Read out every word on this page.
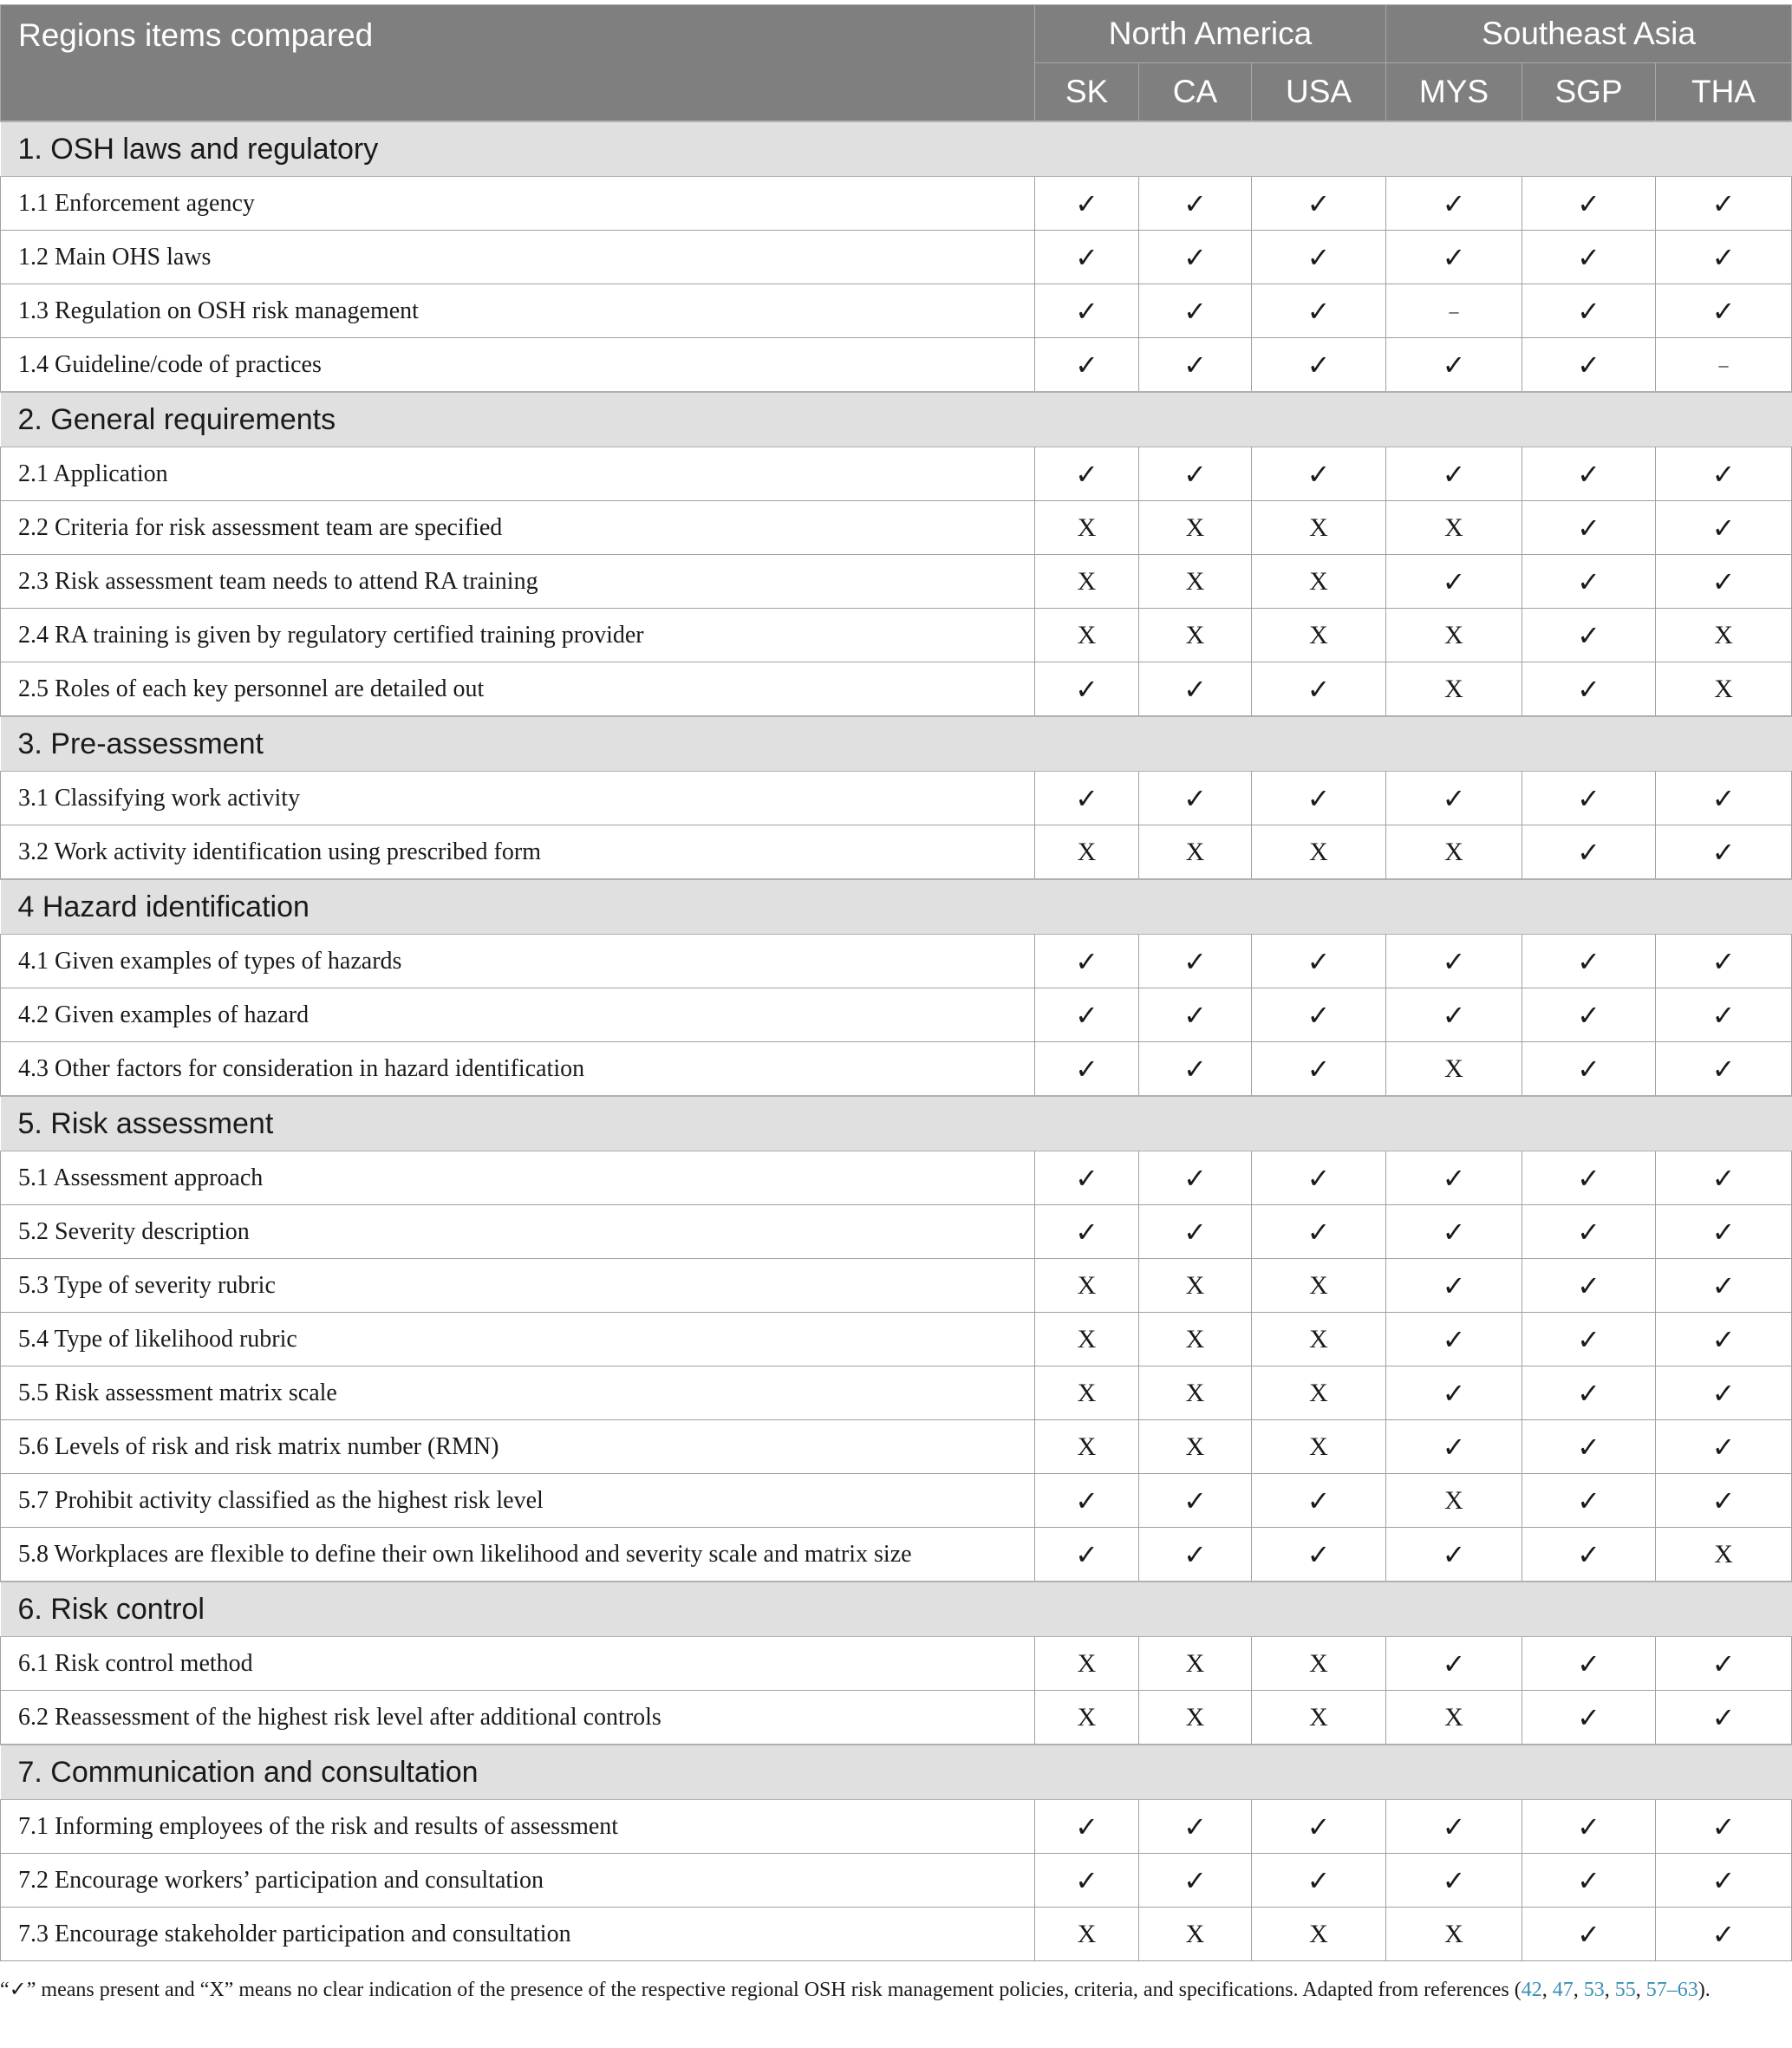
Regions items compared	North America			Southeast Asia		
	SK	CA	USA	MYS	SGP	THA
1. OSH laws and regulatory						
1.1 Enforcement agency	✓	✓	✓	✓	✓	✓
1.2 Main OHS laws	✓	✓	✓	✓	✓	✓
1.3 Regulation on OSH risk management	✓	✓	✓	–	✓	✓
1.4 Guideline/code of practices	✓	✓	✓	✓	✓	–
2. General requirements						
2.1 Application	✓	✓	✓	✓	✓	✓
2.2 Criteria for risk assessment team are specified	X	X	X	X	✓	✓
2.3 Risk assessment team needs to attend RA training	X	X	X	✓	✓	✓
2.4 RA training is given by regulatory certified training provider	X	X	X	X	✓	X
2.5 Roles of each key personnel are detailed out	✓	✓	✓	X	✓	X
3. Pre-assessment						
3.1 Classifying work activity	✓	✓	✓	✓	✓	✓
3.2 Work activity identification using prescribed form	X	X	X	X	✓	✓
4 Hazard identification						
4.1 Given examples of types of hazards	✓	✓	✓	✓	✓	✓
4.2 Given examples of hazard	✓	✓	✓	✓	✓	✓
4.3 Other factors for consideration in hazard identification	✓	✓	✓	X	✓	✓
5. Risk assessment						
5.1 Assessment approach	✓	✓	✓	✓	✓	✓
5.2 Severity description	✓	✓	✓	✓	✓	✓
5.3 Type of severity rubric	X	X	X	✓	✓	✓
5.4 Type of likelihood rubric	X	X	X	✓	✓	✓
5.5 Risk assessment matrix scale	X	X	X	✓	✓	✓
5.6 Levels of risk and risk matrix number (RMN)	X	X	X	✓	✓	✓
5.7 Prohibit activity classified as the highest risk level	✓	✓	✓	X	✓	✓
5.8 Workplaces are flexible to define their own likelihood and severity scale and matrix size	✓	✓	✓	✓	✓	X
6. Risk control						
6.1 Risk control method	X	X	X	✓	✓	✓
6.2 Reassessment of the highest risk level after additional controls	X	X	X	X	✓	✓
7. Communication and consultation						
7.1 Informing employees of the risk and results of assessment	✓	✓	✓	✓	✓	✓
7.2 Encourage workers’ participation and consultation	✓	✓	✓	✓	✓	✓
7.3 Encourage stakeholder participation and consultation	X	X	X	X	✓	✓
“✓” means present and “X” means no clear indication of the presence of the respective regional OSH risk management policies, criteria, and specifications. Adapted from references (42, 47, 53, 55, 57–63).
